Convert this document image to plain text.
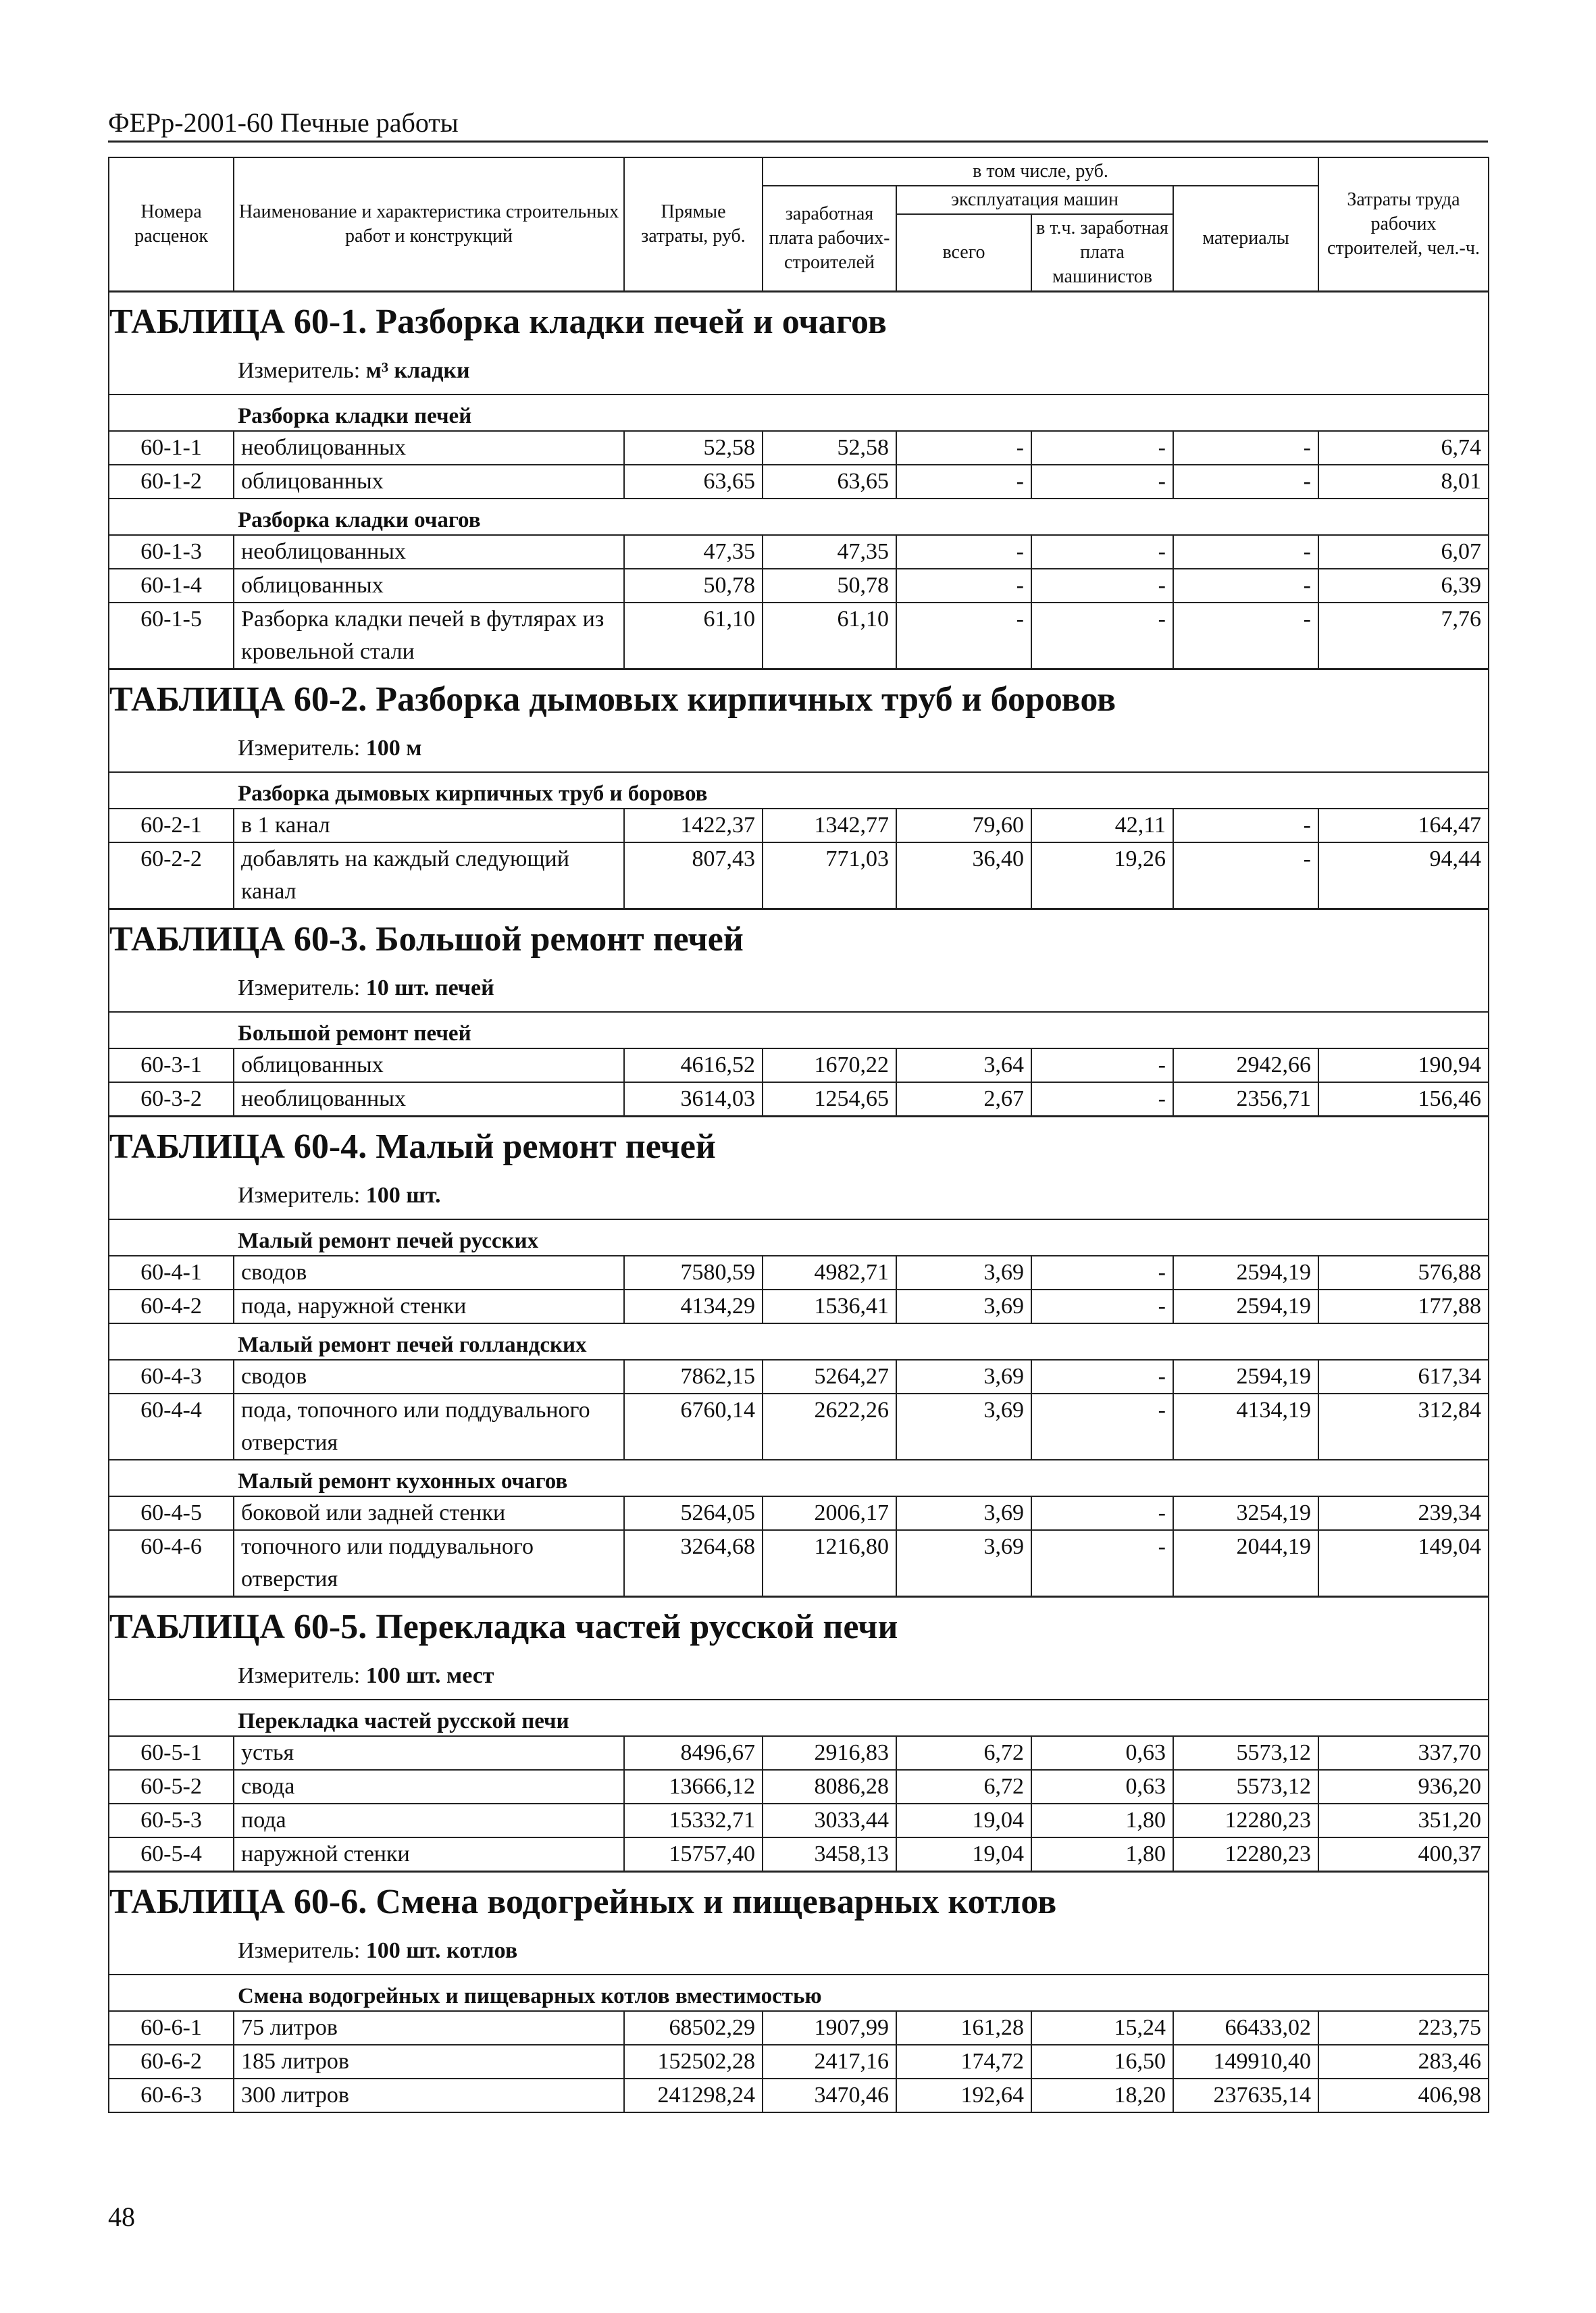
ФЕРр-2001-60 Печные работы
Номера расценок	Наименование и характеристика строительных работ и конструкций	Прямые затраты, руб.	в том числе, руб.				Затраты труда рабочих строителей, чел.-ч.
			заработная плата рабочих-строителей	эксплуатация машин		материалы	
				всего	в т.ч. заработная плата машинистов		
ТАБЛИЦА 60-1. Разборка кладки печей и очагов							
Измеритель: м³ кладки							
Разборка кладки печей							
60-1-1	необлицованных	52,58	52,58	-	-	-	6,74
60-1-2	облицованных	63,65	63,65	-	-	-	8,01
Разборка кладки очагов							
60-1-3	необлицованных	47,35	47,35	-	-	-	6,07
60-1-4	облицованных	50,78	50,78	-	-	-	6,39
60-1-5	Разборка кладки печей в футлярах из кровельной стали	61,10	61,10	-	-	-	7,76
ТАБЛИЦА 60-2. Разборка дымовых кирпичных труб и боровов							
Измеритель: 100 м							
Разборка дымовых кирпичных труб и боровов							
60-2-1	в 1 канал	1422,37	1342,77	79,60	42,11	-	164,47
60-2-2	добавлять на каждый следующий канал	807,43	771,03	36,40	19,26	-	94,44
ТАБЛИЦА 60-3. Большой ремонт печей							
Измеритель: 10 шт. печей							
Большой ремонт печей							
60-3-1	облицованных	4616,52	1670,22	3,64	-	2942,66	190,94
60-3-2	необлицованных	3614,03	1254,65	2,67	-	2356,71	156,46
ТАБЛИЦА 60-4. Малый ремонт печей							
Измеритель: 100 шт.							
Малый ремонт печей русских							
60-4-1	сводов	7580,59	4982,71	3,69	-	2594,19	576,88
60-4-2	пода, наружной стенки	4134,29	1536,41	3,69	-	2594,19	177,88
Малый ремонт печей голландских							
60-4-3	сводов	7862,15	5264,27	3,69	-	2594,19	617,34
60-4-4	пода, топочного или поддувального отверстия	6760,14	2622,26	3,69	-	4134,19	312,84
Малый ремонт кухонных очагов							
60-4-5	боковой или задней стенки	5264,05	2006,17	3,69	-	3254,19	239,34
60-4-6	топочного или поддувального отверстия	3264,68	1216,80	3,69	-	2044,19	149,04
ТАБЛИЦА 60-5. Перекладка частей русской печи							
Измеритель: 100 шт. мест							
Перекладка частей русской печи							
60-5-1	устья	8496,67	2916,83	6,72	0,63	5573,12	337,70
60-5-2	свода	13666,12	8086,28	6,72	0,63	5573,12	936,20
60-5-3	пода	15332,71	3033,44	19,04	1,80	12280,23	351,20
60-5-4	наружной стенки	15757,40	3458,13	19,04	1,80	12280,23	400,37
ТАБЛИЦА 60-6. Смена водогрейных и пищеварных котлов							
Измеритель: 100 шт. котлов							
Смена водогрейных и пищеварных котлов вместимостью							
60-6-1	75 литров	68502,29	1907,99	161,28	15,24	66433,02	223,75
60-6-2	185 литров	152502,28	2417,16	174,72	16,50	149910,40	283,46
60-6-3	300 литров	241298,24	3470,46	192,64	18,20	237635,14	406,98
48
